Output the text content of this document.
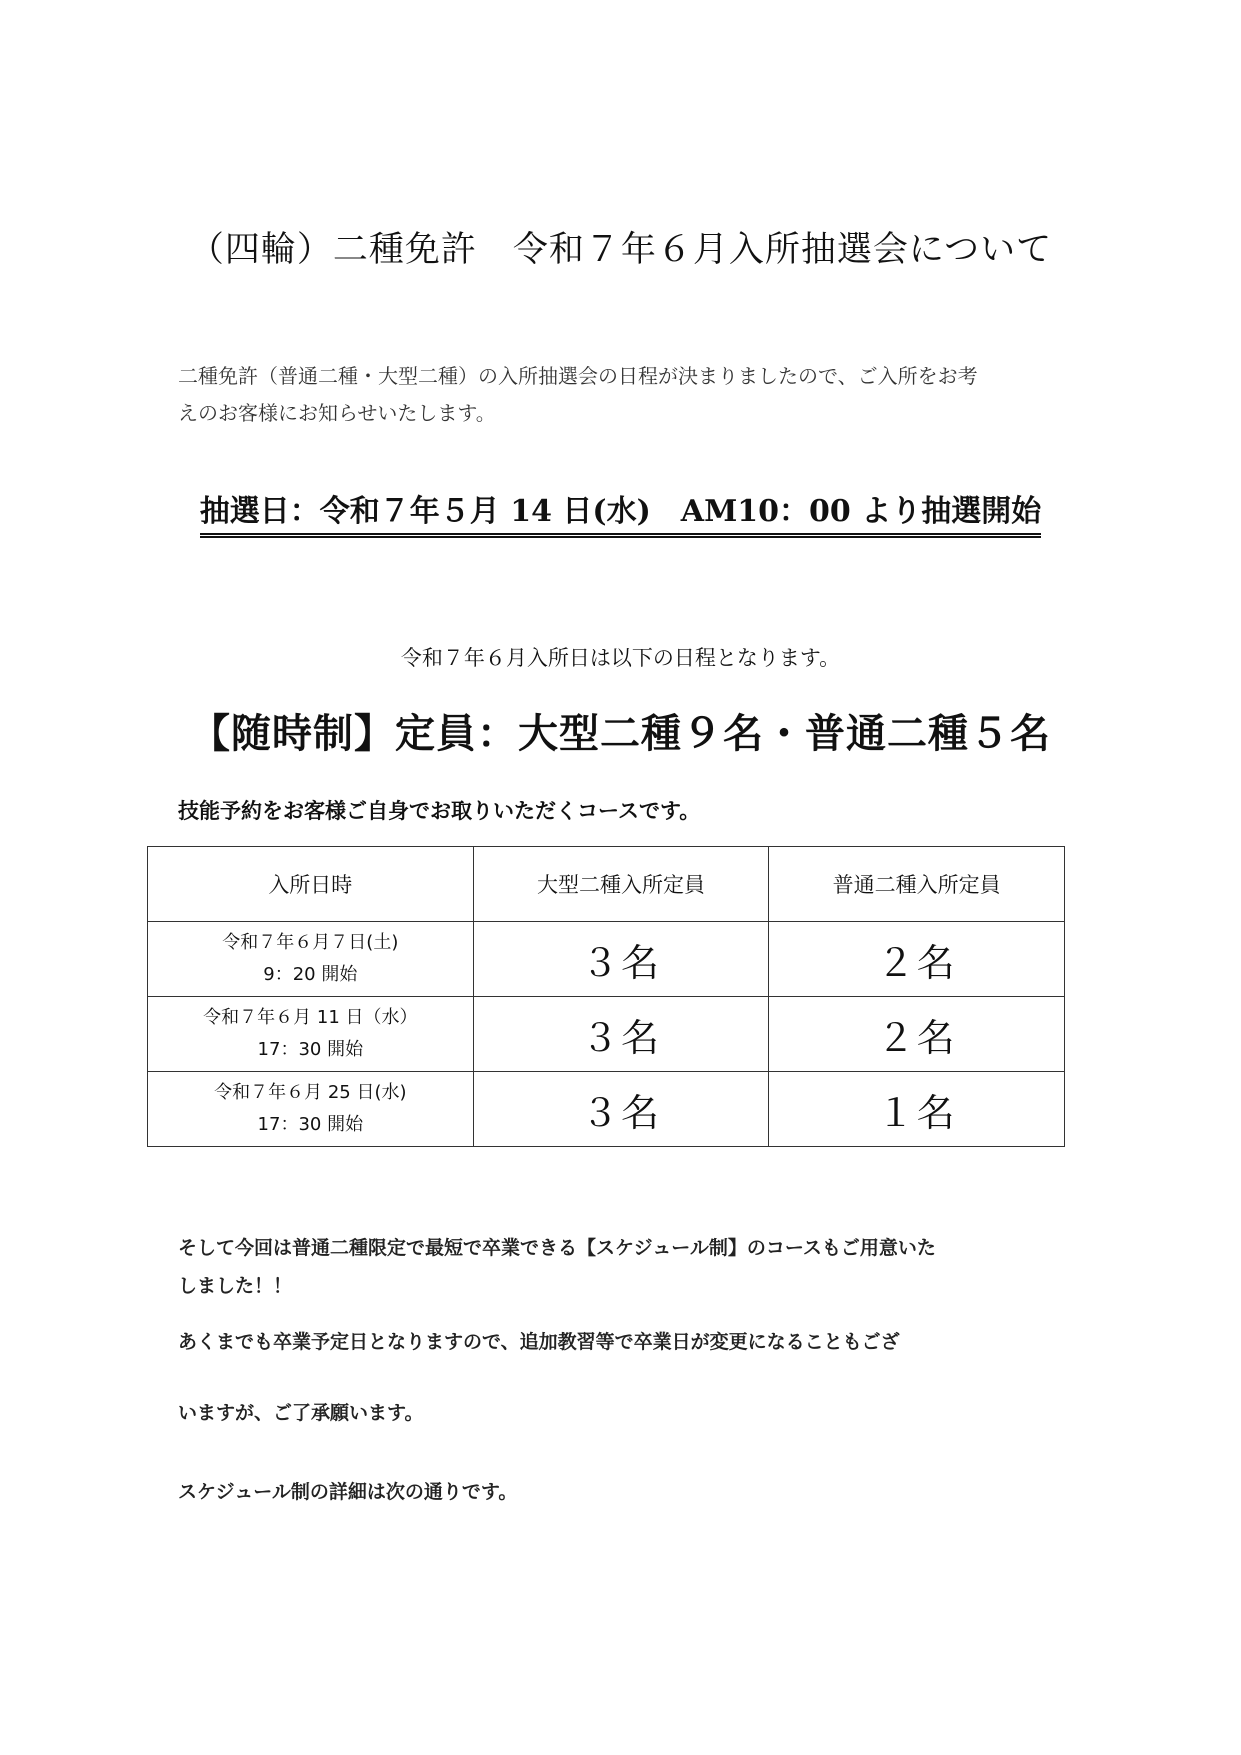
（四輪）二種免許　令和７年６月入所抽選会について
二種免許（普通二種・大型二種）の入所抽選会の日程が決まりましたので、ご入所をお考
えのお客様にお知らせいたします。
抽選日：令和７年５月 14 日(水)　AM10：00 より抽選開始
令和７年６月入所日は以下の日程となります。
【随時制】定員：大型二種９名・普通二種５名
技能予約をお客様ご自身でお取りいただくコースです。
入所日時	大型二種入所定員	普通二種入所定員

令和７年６月７日(土)
9：20 開始	３名	２名

令和７年６月 11 日（水）
17：30 開始	３名	２名

令和７年６月 25 日(水)
17：30 開始	３名	１名
そして今回は普通二種限定で最短で卒業できる【スケジュール制】のコースもご用意いた
しました！！
あくまでも卒業予定日となりますので、追加教習等で卒業日が変更になることもござ
いますが、ご了承願います。
スケジュール制の詳細は次の通りです。
